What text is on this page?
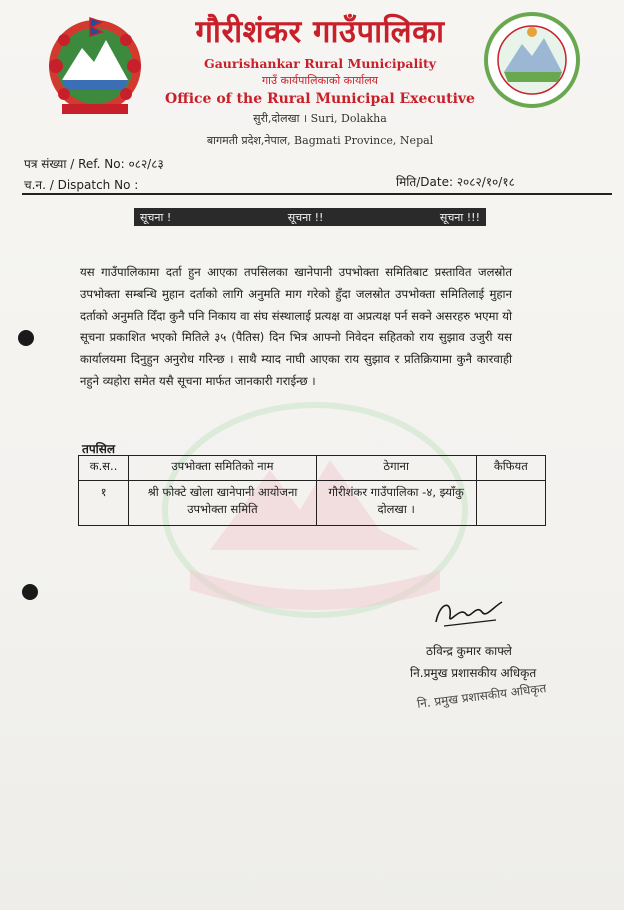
गौरीशंकर गाउँपालिका
Gaurishankar Rural Municipality
गाउँ कार्यपालिकाको कार्यालय
Office of the Rural Municipal Executive
सुरी,दोलखा । Suri, Dolakha
बागमती प्रदेश,नेपाल, Bagmati Province, Nepal
पत्र संख्या / Ref. No: ०८२/८३
च.न. / Dispatch No :	मिति/Date: २०८२/१०/१८
सूचना !	सूचना !!	सूचना !!!
यस गाउँपालिकामा दर्ता हुन आएका तपसिलका खानेपानी उपभोक्ता समितिबाट प्रस्तावित जलस्रोत उपभोक्ता सम्बन्धि मुहान दर्ताको लागि अनुमति माग गरेको हुँदा जलस्रोत उपभोक्ता समितिलाई मुहान दर्ताको अनुमति दिँदा कुनै पनि निकाय वा संघ संस्थालाई प्रत्यक्ष वा अप्रत्यक्ष पर्न सक्ने असरहरु भएमा यो सूचना प्रकाशित भएको मितिले ३५ (पैतिस) दिन भित्र आफ्नो निवेदन सहितको राय सुझाव उजुरी यस कार्यालयमा दिनुहुन अनुरोध गरिन्छ । साथै म्याद नाघी आएका राय सुझाव र प्रतिक्रियामा कुनै कारवाही नहुने व्यहोरा समेत यसै सूचना मार्फत जानकारी गराईन्छ ।
तपसिल
क.स..	उपभोक्ता समितिको नाम	ठेगाना	कैफियत
१	श्री फोक्टे खोला खानेपानी आयोजना उपभोक्ता समिति	गौरीशंकर गाउँपालिका -४, झ्याँकु दोलखा ।	
ठविन्द्र कुमार काफ्ले
नि.प्रमुख प्रशासकीय अधिकृत
नि. प्रमुख प्रशासकीय अधिकृत
